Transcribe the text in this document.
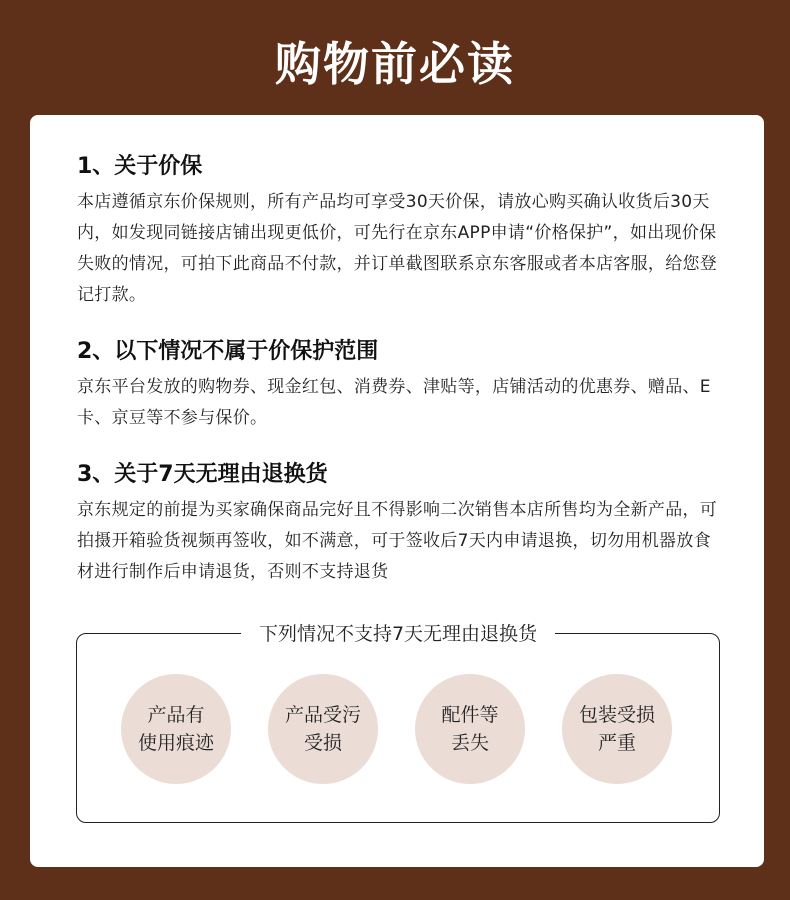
购物前必读

1、关于价保

本店遵循京东价保规则，所有产品均可享受30天价保，请放心购买确认收货后30天内，如发现同链接店铺出现更低价，可先行在京东APP申请“价格保护”，如出现价保失败的情况，可拍下此商品不付款，并订单截图联系京东客服或者本店客服，给您登记打款。

2、以下情况不属于价保护范围

京东平台发放的购物券、现金红包、消费券、津贴等，店铺活动的优惠券、赠品、E卡、京豆等不参与保价。

3、关于7天无理由退换货

京东规定的前提为买家确保商品完好且不得影响二次销售本店所售均为全新产品，可拍摄开箱验货视频再签收，如不满意，可于签收后7天内申请退换，切勿用机器放食材进行制作后申请退货，否则不支持退货

下列情况不支持7天无理由退换货
产品有
使用痕迹
产品受污
受损
配件等
丢失
包装受损
严重
